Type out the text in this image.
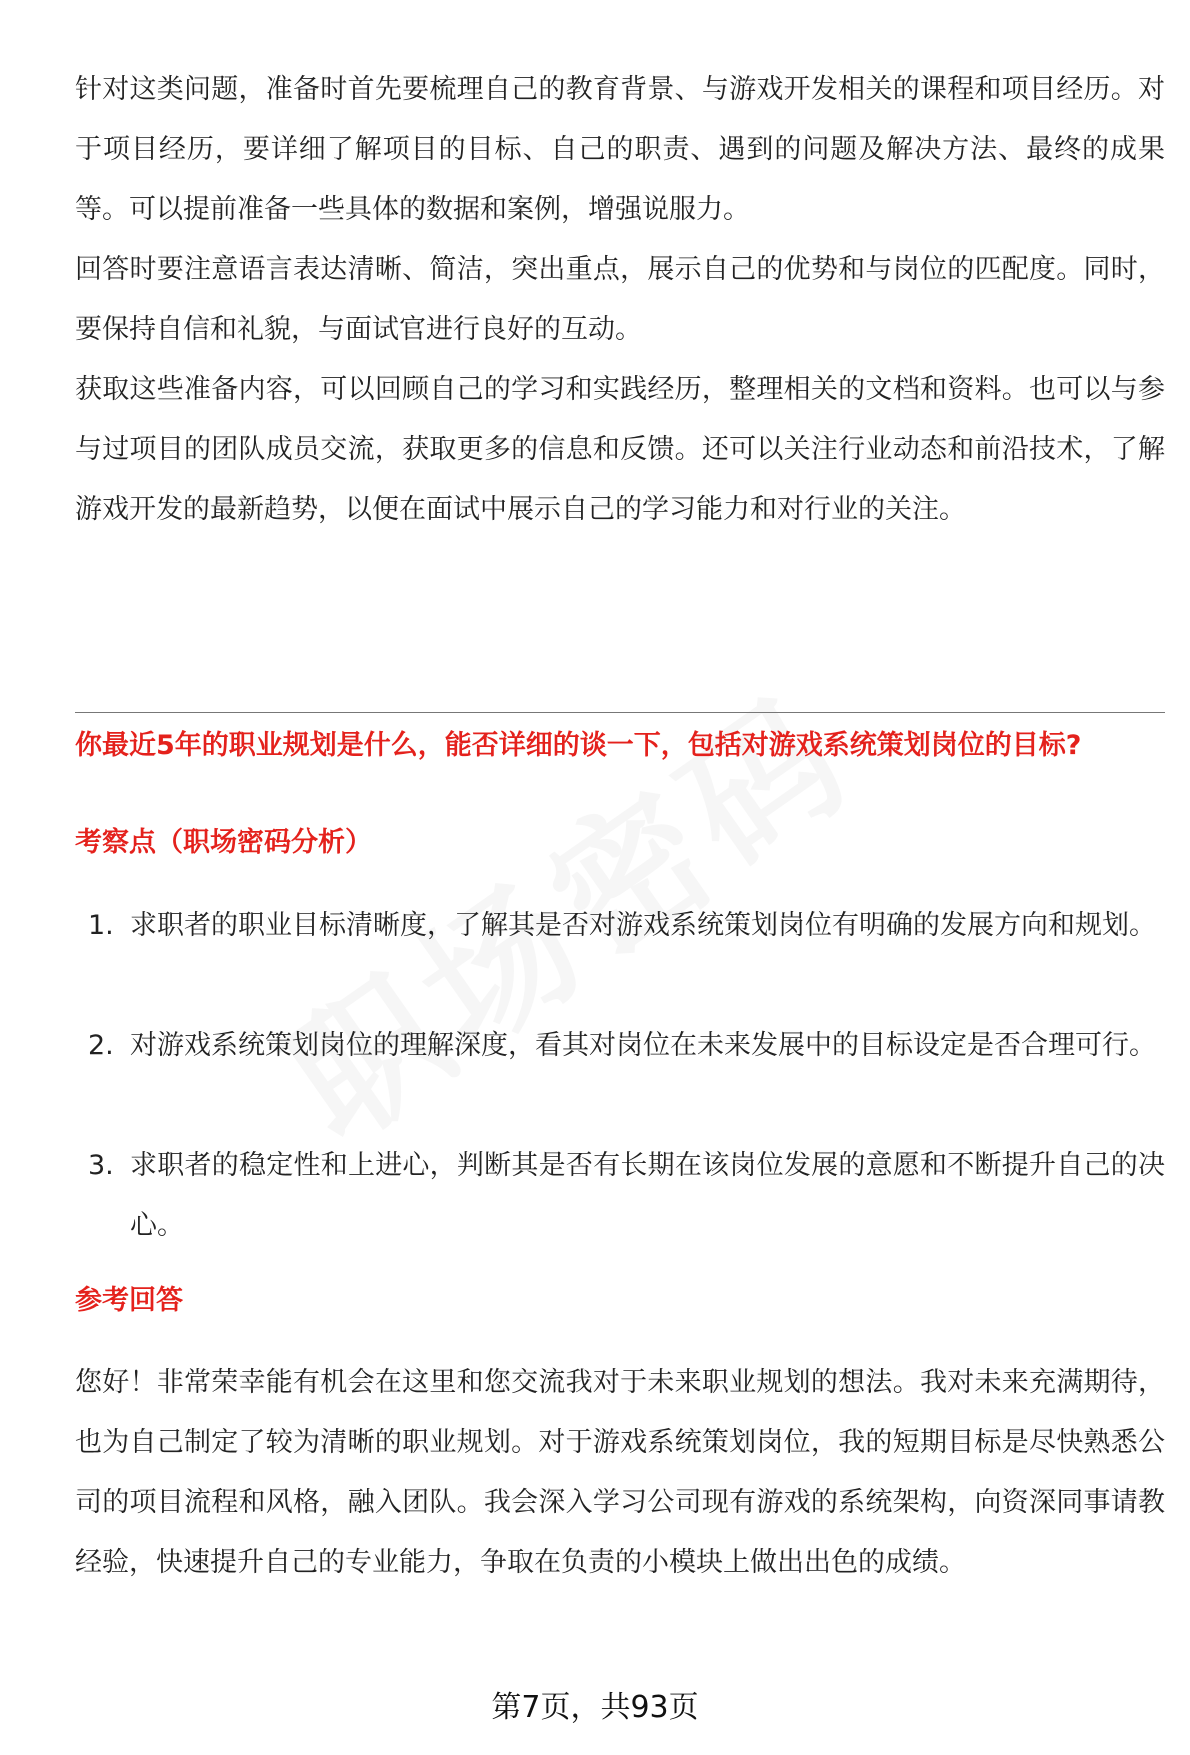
针对这类问题，准备时首先要梳理自己的教育背景、与游戏开发相关的课程和项目经历。对于项目经历，要详细了解项目的目标、自己的职责、遇到的问题及解决方法、最终的成果等。可以提前准备一些具体的数据和案例，增强说服力。

回答时要注意语言表达清晰、简洁，突出重点，展示自己的优势和与岗位的匹配度。同时，要保持自信和礼貌，与面试官进行良好的互动。

获取这些准备内容，可以回顾自己的学习和实践经历，整理相关的文档和资料。也可以与参与过项目的团队成员交流，获取更多的信息和反馈。还可以关注行业动态和前沿技术，了解游戏开发的最新趋势，以便在面试中展示自己的学习能力和对行业的关注。

你最近5年的职业规划是什么，能否详细的谈一下，包括对游戏系统策划岗位的目标?
考察点（职场密码分析）
1. 求职者的职业目标清晰度，了解其是否对游戏系统策划岗位有明确的发展方向和规划。
2. 对游戏系统策划岗位的理解深度，看其对岗位在未来发展中的目标设定是否合理可行。
3. 求职者的稳定性和上进心，判断其是否有长期在该岗位发展的意愿和不断提升自己的决心。
参考回答

您好！非常荣幸能有机会在这里和您交流我对于未来职业规划的想法。我对未来充满期待，也为自己制定了较为清晰的职业规划。对于游戏系统策划岗位，我的短期目标是尽快熟悉公司的项目流程和风格，融入团队。我会深入学习公司现有游戏的系统架构，向资深同事请教经验，快速提升自己的专业能力，争取在负责的小模块上做出出色的成绩。

第7页，共93页
